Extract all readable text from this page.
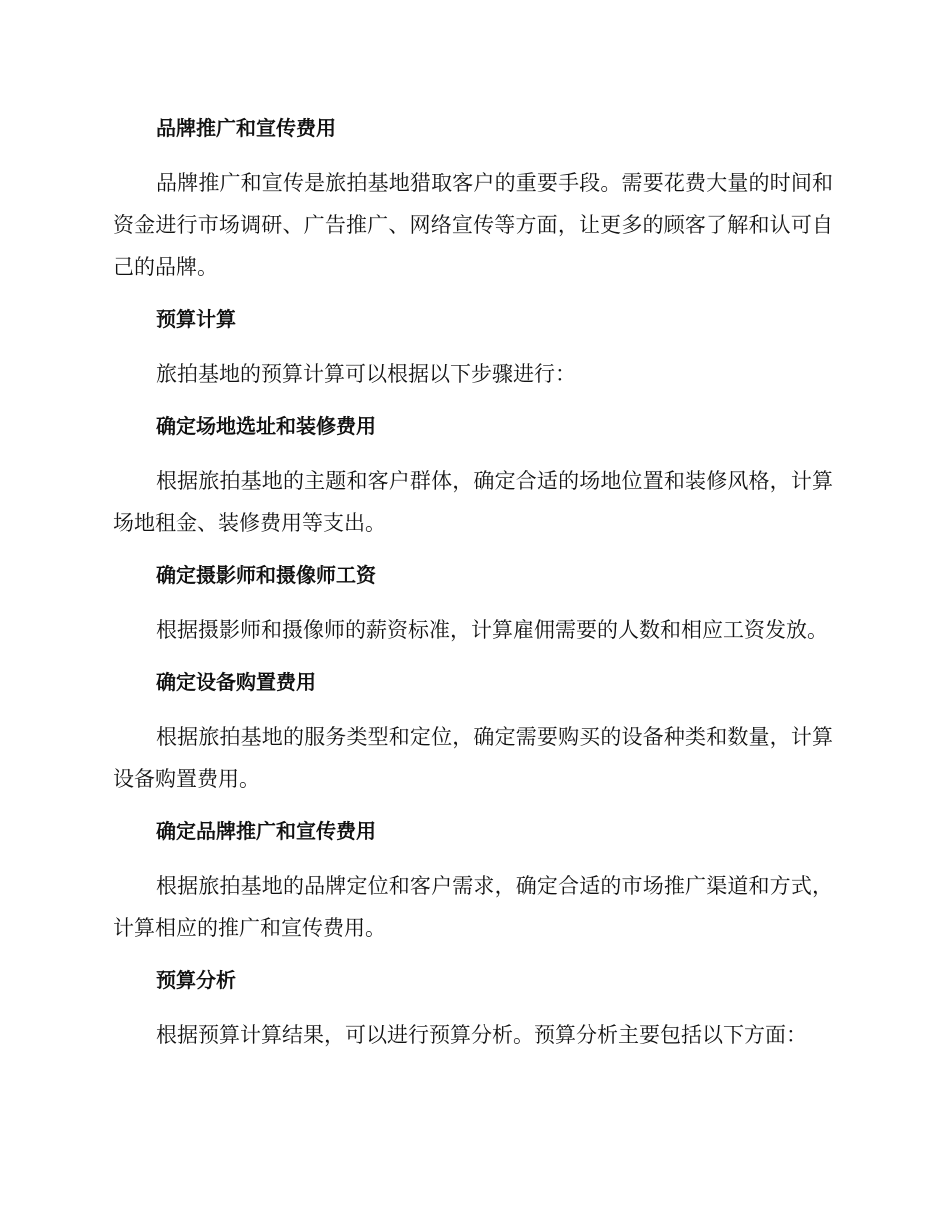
品牌推广和宣传费用

品牌推广和宣传是旅拍基地猎取客户的重要手段。需要花费大量的时间和资金进行市场调研、广告推广、网络宣传等方面，让更多的顾客了解和认可自己的品牌。

预算计算

旅拍基地的预算计算可以根据以下步骤进行：

确定场地选址和装修费用

根据旅拍基地的主题和客户群体，确定合适的场地位置和装修风格，计算场地租金、装修费用等支出。

确定摄影师和摄像师工资

根据摄影师和摄像师的薪资标准，计算雇佣需要的人数和相应工资发放。

确定设备购置费用

根据旅拍基地的服务类型和定位，确定需要购买的设备种类和数量，计算设备购置费用。

确定品牌推广和宣传费用

根据旅拍基地的品牌定位和客户需求，确定合适的市场推广渠道和方式，计算相应的推广和宣传费用。

预算分析

根据预算计算结果，可以进行预算分析。预算分析主要包括以下方面：
